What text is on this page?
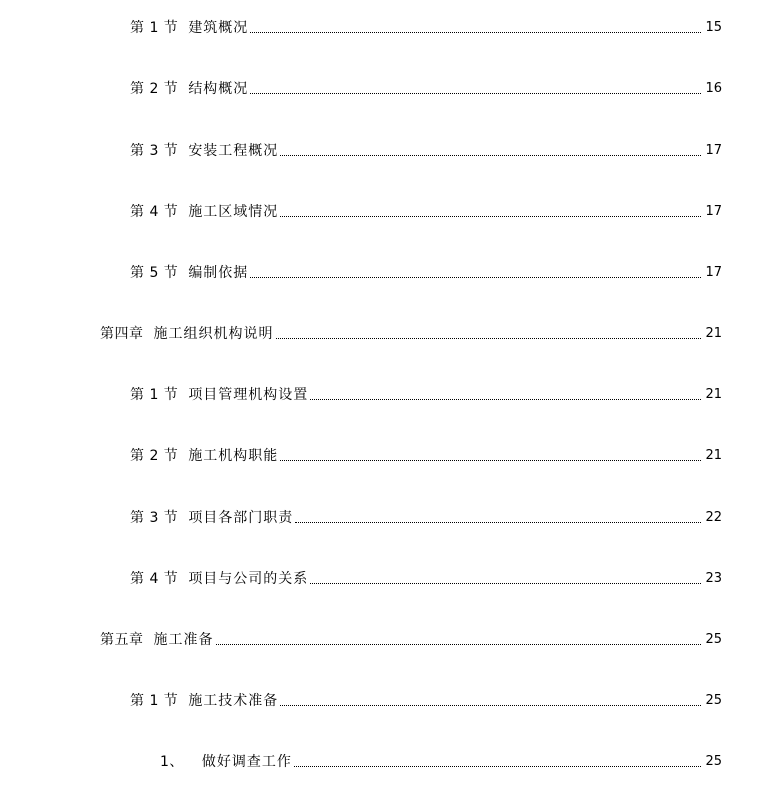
第 1 节 建筑概况	15
第 2 节 结构概况	16
第 3 节 安装工程概况	17
第 4 节 施工区域情况	17
第 5 节 编制依据	17
第四章 施工组织机构说明	21
第 1 节 项目管理机构设置	21
第 2 节 施工机构职能	21
第 3 节 项目各部门职责	22
第 4 节 项目与公司的关系	23
第五章 施工准备	25
第 1 节 施工技术准备	25
1、 做好调查工作	25
